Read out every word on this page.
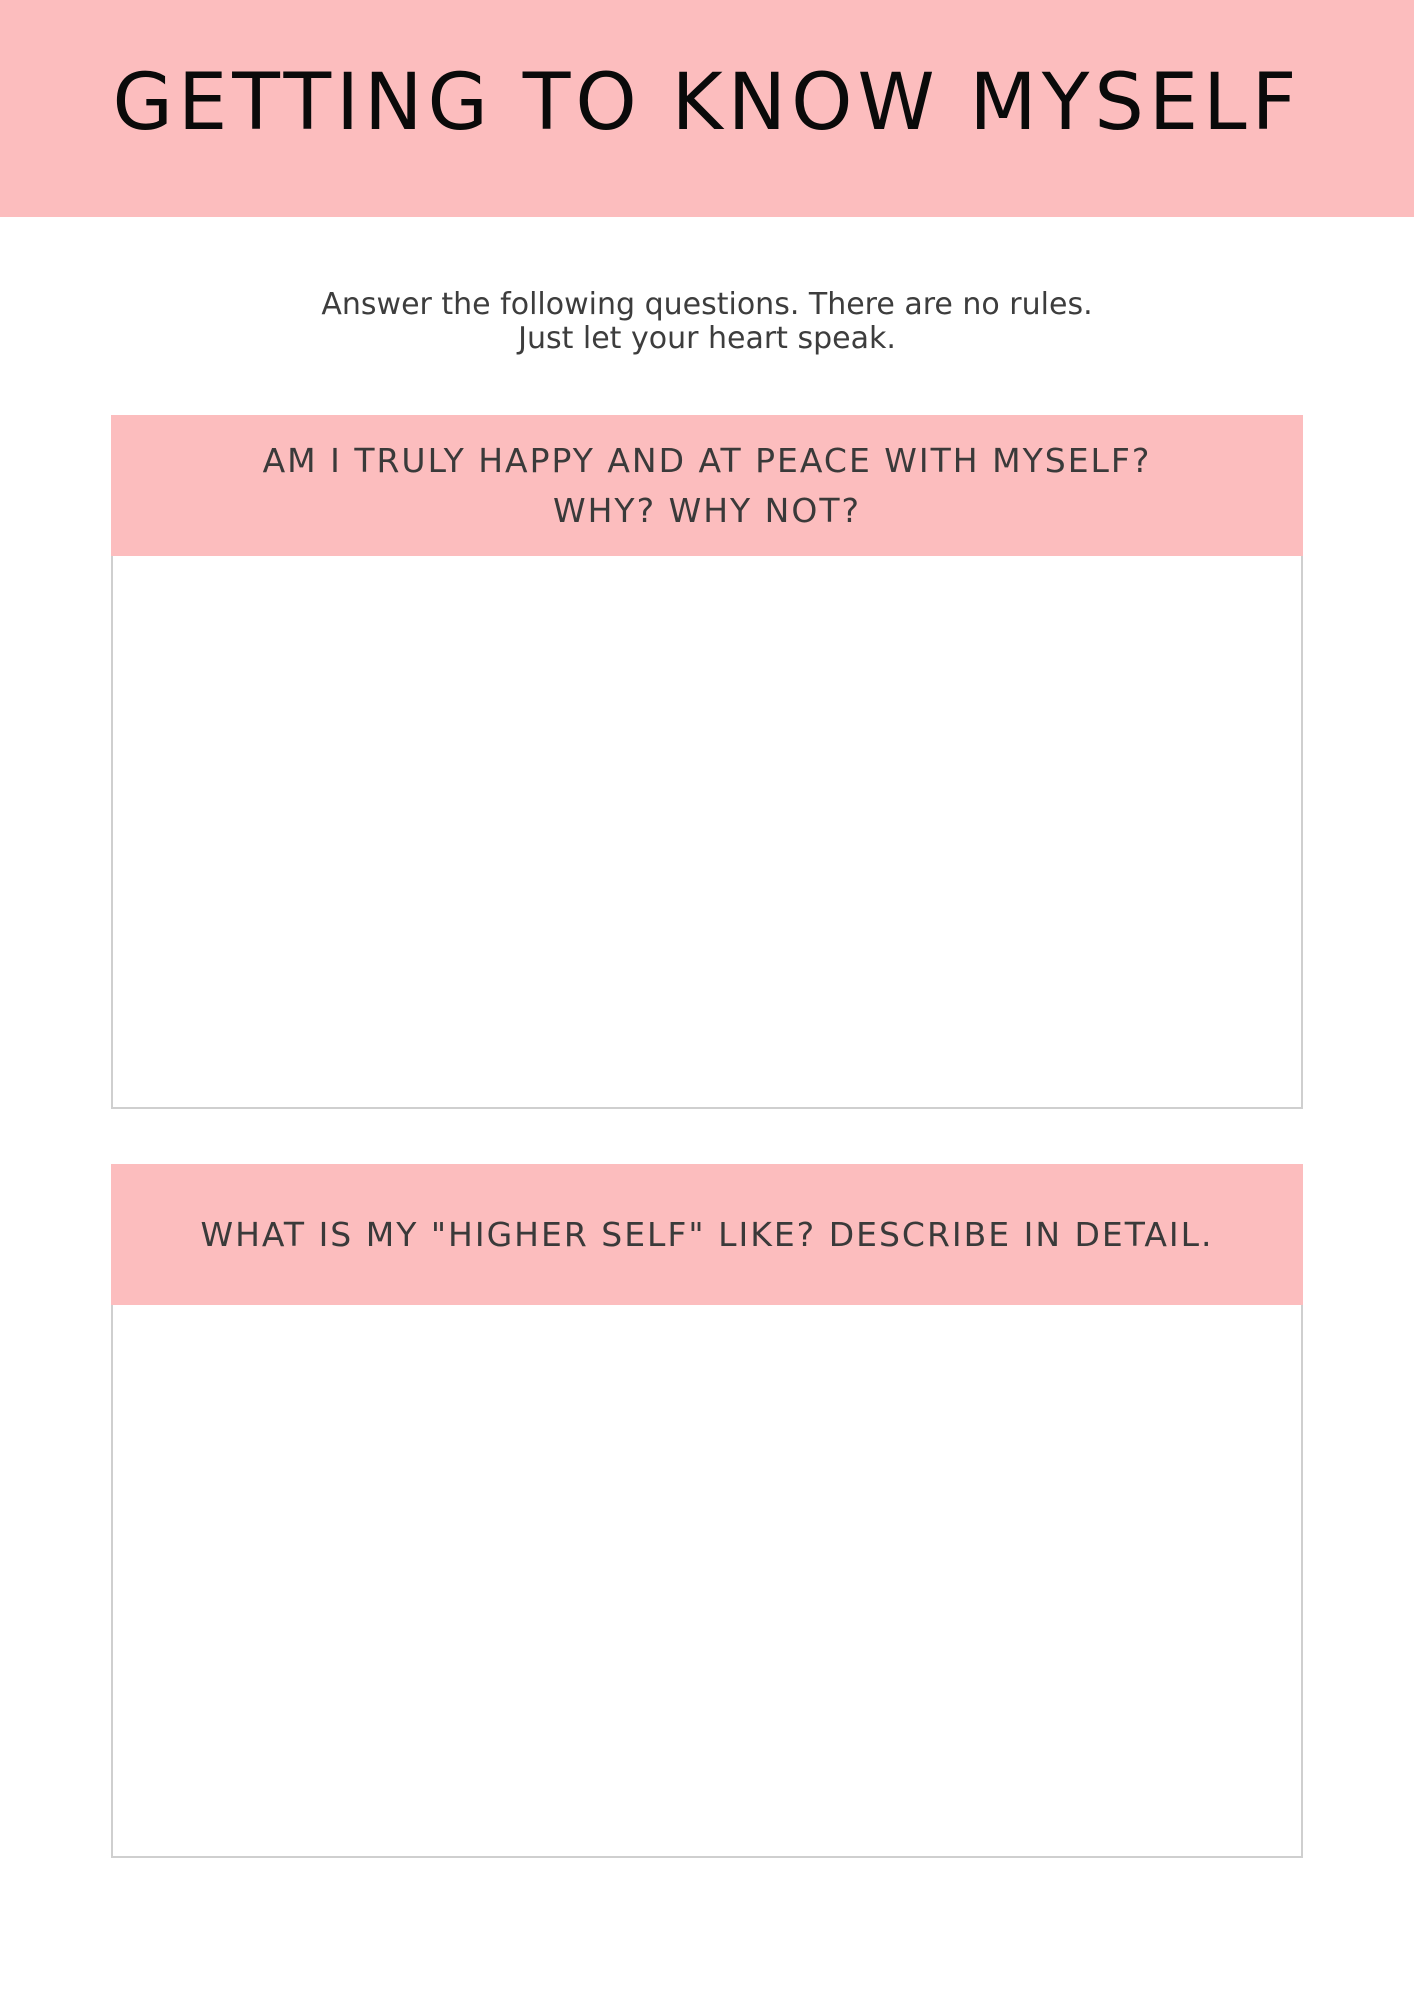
GETTING TO KNOW MYSELF
Answer the following questions. There are no rules.
Just let your heart speak.
AM I TRULY HAPPY AND AT PEACE WITH MYSELF?
WHY? WHY NOT?
WHAT IS MY "HIGHER SELF" LIKE? DESCRIBE IN DETAIL.
